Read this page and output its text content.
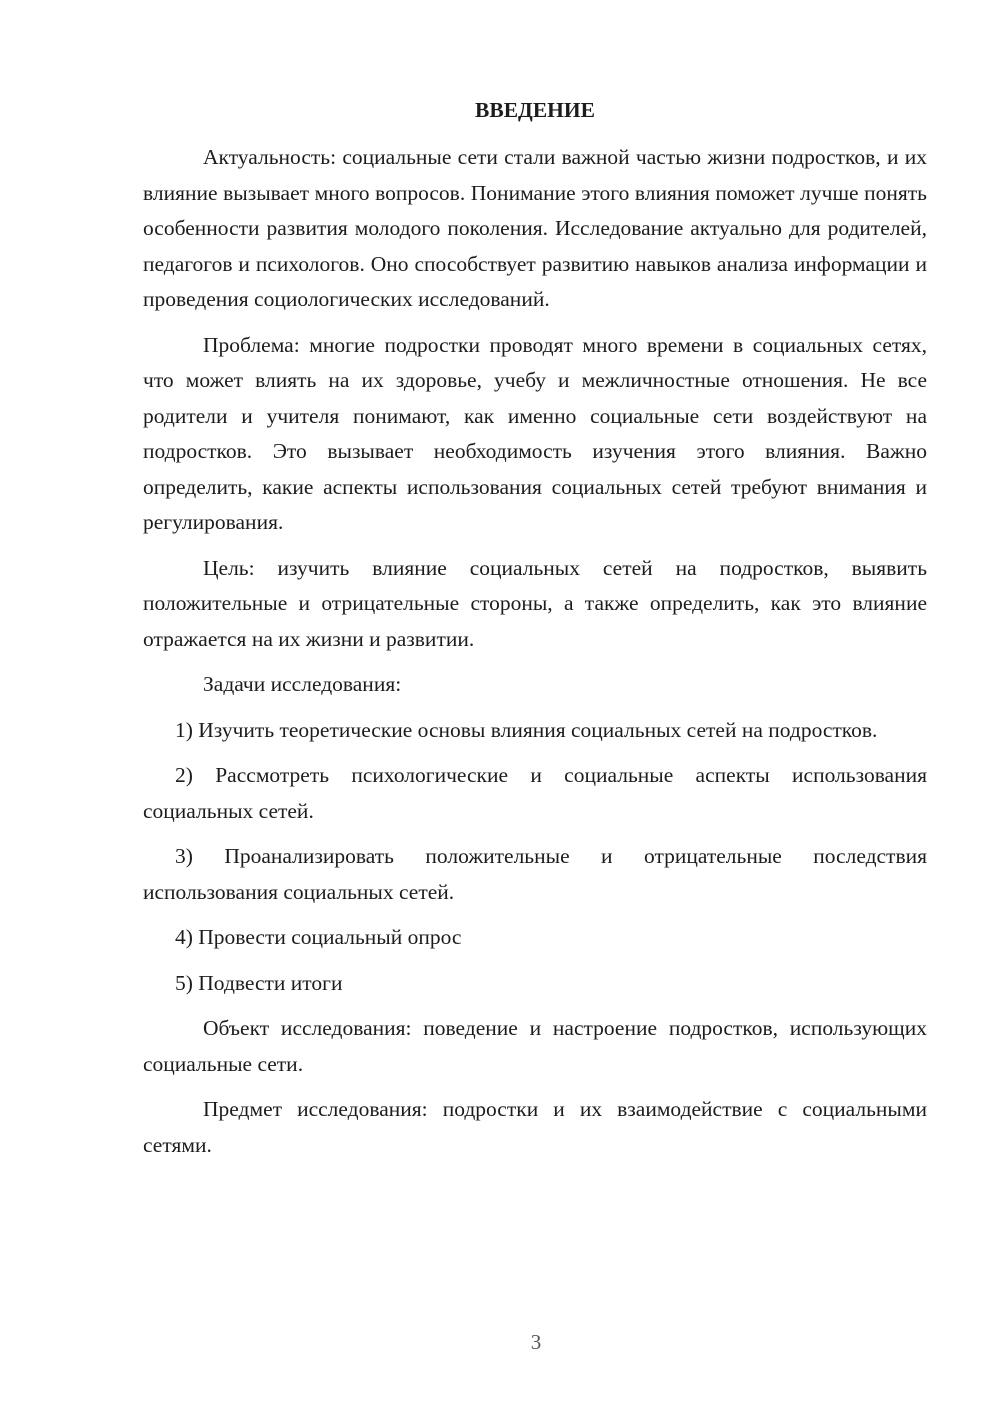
ВВЕДЕНИЕ

Актуальность: социальные сети стали важной частью жизни подростков, и их влияние вызывает много вопросов. Понимание этого влияния поможет лучше понять особенности развития молодого поколения. Исследование актуально для родителей, педагогов и психологов. Оно способствует развитию навыков анализа информации и проведения социологических исследований.

Проблема: многие подростки проводят много времени в социальных сетях, что может влиять на их здоровье, учебу и межличностные отношения. Не все родители и учителя понимают, как именно социальные сети воздействуют на подростков. Это вызывает необходимость изучения этого влияния. Важно определить, какие аспекты использования социальных сетей требуют внимания и регулирования.

Цель: изучить влияние социальных сетей на подростков, выявить положительные и отрицательные стороны, а также определить, как это влияние отражается на их жизни и развитии.

Задачи исследования:

1) Изучить теоретические основы влияния социальных сетей на подростков.

2) Рассмотреть психологические и социальные аспекты использования социальных сетей.

3) Проанализировать положительные и отрицательные последствия использования социальных сетей.

4) Провести социальный опрос

5) Подвести итоги

Объект исследования: поведение и настроение подростков, использующих социальные сети.

Предмет исследования: подростки и их взаимодействие с социальными сетями.

3
